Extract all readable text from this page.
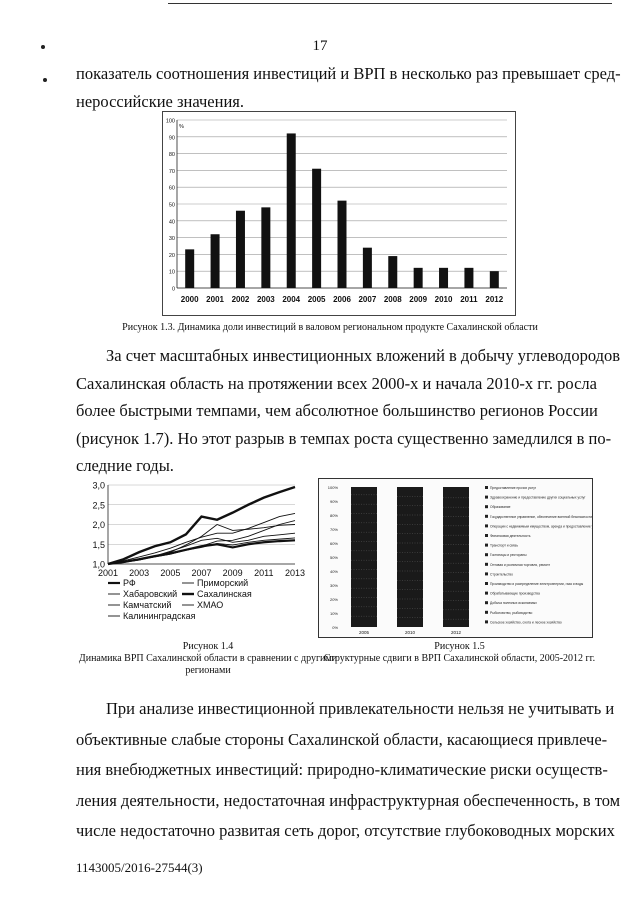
17
показатель соотношения инвестиций и ВРП в несколько раз превышает сред-
нероссийские значения.
0
10
20
30
40
50
60
70
80
90
100
%
2000 2001 2002 2003 2004 2005 2006 2007 2008 2009 2010 2011 2012
Рисунок 1.3. Динамика доли инвестиций в валовом региональном продукте Сахалинской области
За счет масштабных инвестиционных вложений в добычу углеводородов
Сахалинская область на протяжении всех 2000-х и начала 2010-х гг. росла
более быстрыми темпами, чем абсолютное большинство регионов России
(рисунок 1.7). Но этот разрыв в темпах роста существенно замедлился в по-
следние годы.
1,0
1,5
2,0
2,5
3,0
2001 2003 2005 2007 2009 2011 2013
РФ	Приморский
Хабаровский Сахалинская
Камчатский	ХМАО
Калининградская
Рисунок 1.4
Динамика ВРП Сахалинской области в сравнении с другими регионами
0%
10%
20%
30%
40%
50%
60%
70%
80%
90%
100%
2005	2010	2012
Предоставление прочих услуг
Здравоохранение и предоставление других социальных услуг
Образование
Государственное управление, обеспечение военной безопасности
Операции с недвижимым имуществом, аренда и предоставление услуг
Финансовая деятельность
Транспорт и связь
Гостиницы и рестораны
Оптовая и розничная торговля, ремонт
Строительство
Производство и распределение электроэнергии, газа и воды
Обрабатывающие производства
Добыча полезных ископаемых
Рыболовство, рыбоводство
Сельское хозяйство, охота и лесное хозяйство
Рисунок 1.5
Структурные сдвиги в ВРП Сахалинской области, 2005-2012 гг.
При анализе инвестиционной привлекательности нельзя не учитывать и
объективные слабые стороны Сахалинской области, касающиеся привлече-
ния внебюджетных инвестиций: природно-климатические риски осуществ-
ления деятельности, недостаточная инфраструктурная обеспеченность, в том
числе недостаточно развитая сеть дорог, отсутствие глубоководных морских
1143005/2016-27544(3)
